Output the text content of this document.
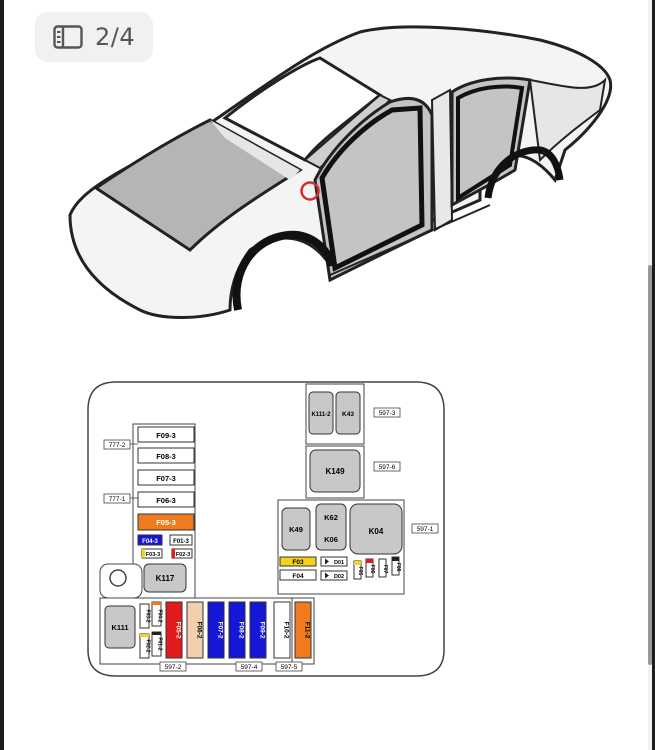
2/4
F09-3
F08-3
F07-3
F06-3
F05-3
F04-3	F01-3
F03-3	F02-3
K117
K111
F03-2 F04-2
F02-2 F01-2
F05-2 F06-2 F07-2 F08-2 F09-2	F10-2 F11-2
K111-2 K43
K149
K49
K62
K06
K04
F03
F04
D01
D02
F06
F05	F07 F08
777-2
777-1
597-3
597-6
597-1
597-2	597-4	597-5
